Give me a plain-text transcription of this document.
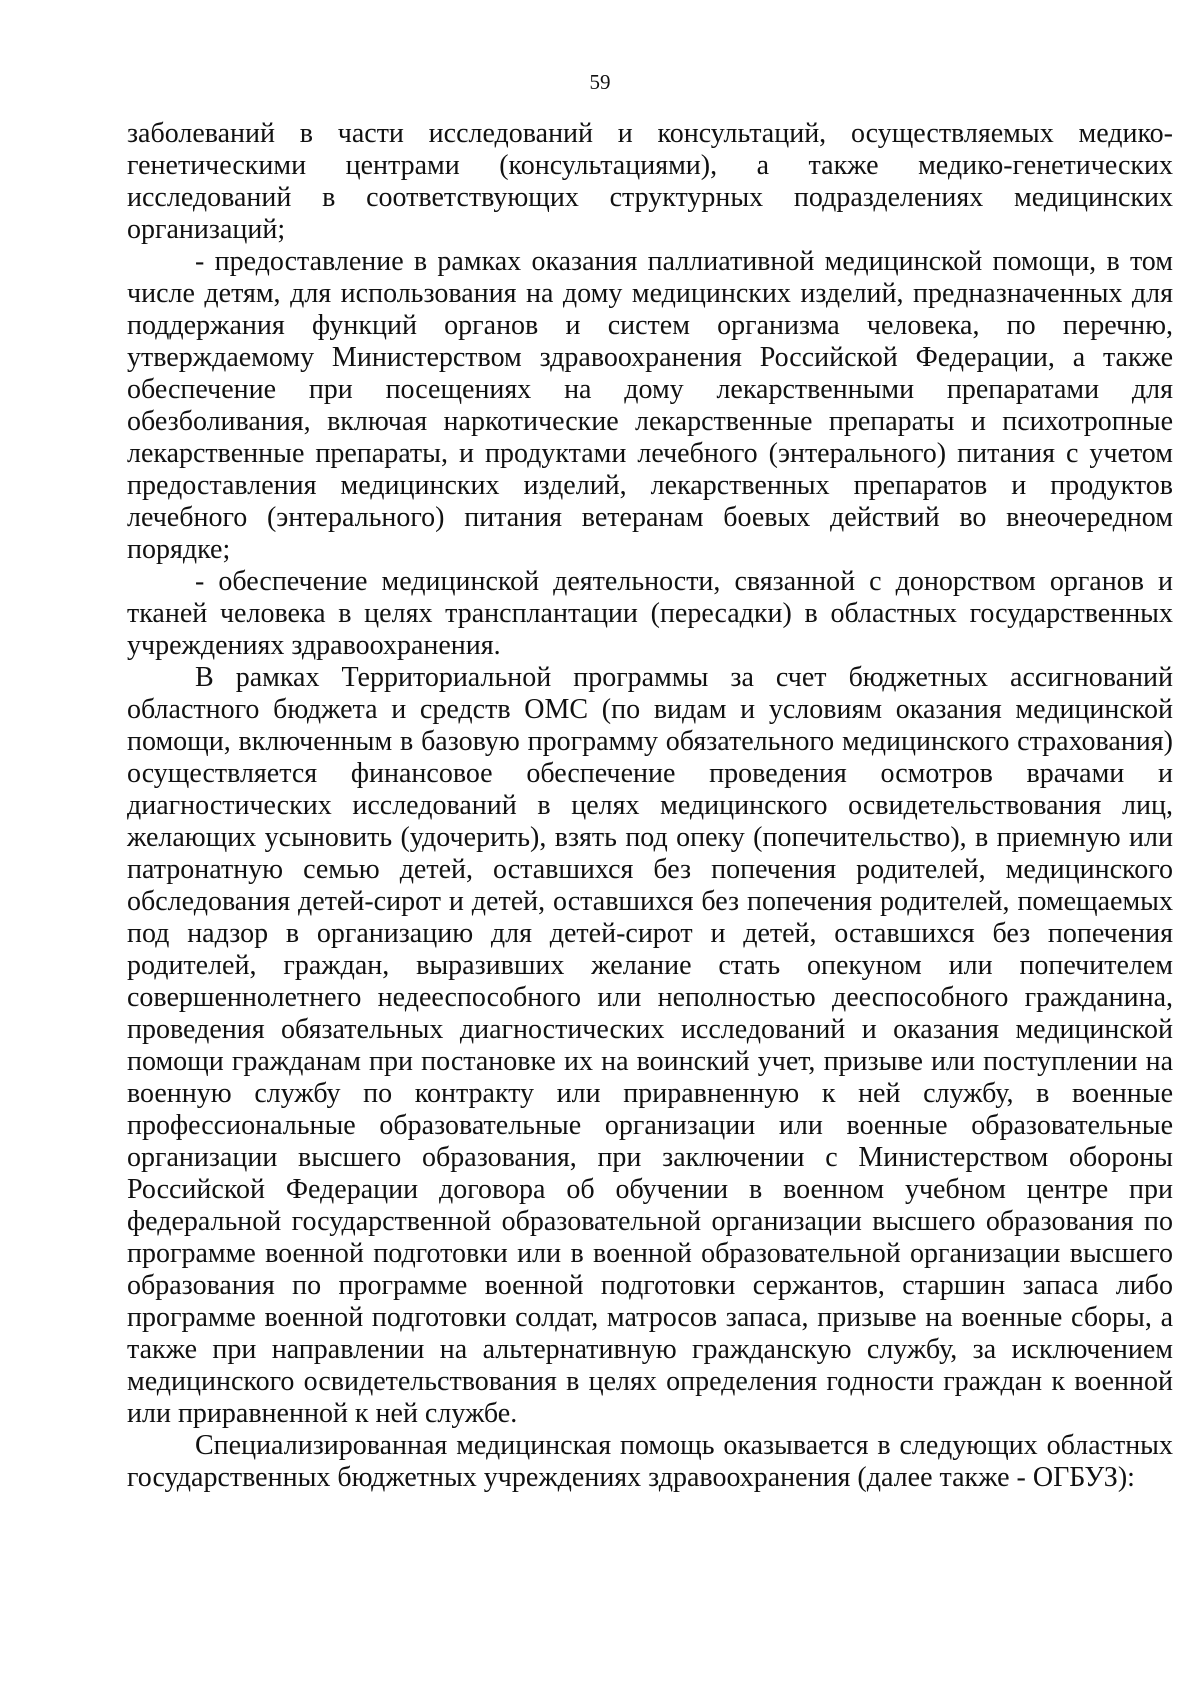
59

заболеваний в части исследований и консультаций, осуществляемых медико-генетическими центрами (консультациями), а также медико-генетических исследований в соответствующих структурных подразделениях медицинских организаций;

- предоставление в рамках оказания паллиативной медицинской помощи, в том числе детям, для использования на дому медицинских изделий, предназначенных для поддержания функций органов и систем организма человека, по перечню, утверждаемому Министерством здравоохранения Российской Федерации, а также обеспечение при посещениях на дому лекарственными препаратами для обезболивания, включая наркотические лекарственные препараты и психотропные лекарственные препараты, и продуктами лечебного (энтерального) питания с учетом предоставления медицинских изделий, лекарственных препаратов и продуктов лечебного (энтерального) питания ветеранам боевых действий во внеочередном порядке;

- обеспечение медицинской деятельности, связанной с донорством органов и тканей человека в целях трансплантации (пересадки) в областных государственных учреждениях здравоохранения.

В рамках Территориальной программы за счет бюджетных ассигнований областного бюджета и средств ОМС (по видам и условиям оказания медицинской помощи, включенным в базовую программу обязательного медицинского страхования) осуществляется финансовое обеспечение проведения осмотров врачами и диагностических исследований в целях медицинского освидетельствования лиц, желающих усыновить (удочерить), взять под опеку (попечительство), в приемную или патронатную семью детей, оставшихся без попечения родителей, медицинского обследования детей-сирот и детей, оставшихся без попечения родителей, помещаемых под надзор в организацию для детей-сирот и детей, оставшихся без попечения родителей, граждан, выразивших желание стать опекуном или попечителем совершеннолетнего недееспособного или неполностью дееспособного гражданина, проведения обязательных диагностических исследований и оказания медицинской помощи гражданам при постановке их на воинский учет, призыве или поступлении на военную службу по контракту или приравненную к ней службу, в военные профессиональные образовательные организации или военные образовательные организации высшего образования, при заключении с Министерством обороны Российской Федерации договора об обучении в военном учебном центре при федеральной государственной образовательной организации высшего образования по программе военной подготовки или в военной образовательной организации высшего образования по программе военной подготовки сержантов, старшин запаса либо программе военной подготовки солдат, матросов запаса, призыве на военные сборы, а также при направлении на альтернативную гражданскую службу, за исключением медицинского освидетельствования в целях определения годности граждан к военной или приравненной к ней службе.

Специализированная медицинская помощь оказывается в следующих областных государственных бюджетных учреждениях здравоохранения (далее также - ОГБУЗ):
